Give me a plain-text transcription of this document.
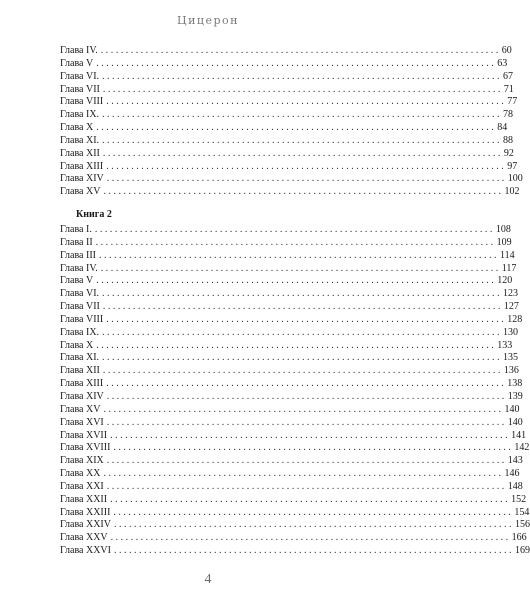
Цицерон
Глава IV. ................................................................................ 60
Глава V ................................................................................ 63
Глава VI. ................................................................................ 67
Глава VII ................................................................................ 71
Глава VIII ................................................................................ 77
Глава IX. ................................................................................ 78
Глава X ................................................................................ 84
Глава XI. ................................................................................ 88
Глава XII ................................................................................ 92
Глава XIII ................................................................................ 97
Глава XIV ................................................................................ 100
Глава XV ................................................................................ 102
Книга 2
Глава I. ................................................................................ 108
Глава II ................................................................................ 109
Глава III ................................................................................ 114
Глава IV. ................................................................................ 117
Глава V ................................................................................ 120
Глава VI. ................................................................................ 123
Глава VII ................................................................................ 127
Глава VIII ................................................................................ 128
Глава IX. ................................................................................ 130
Глава X ................................................................................ 133
Глава XI. ................................................................................ 135
Глава XII ................................................................................ 136
Глава XIII ................................................................................ 138
Глава XIV ................................................................................ 139
Глава XV ................................................................................ 140
Глава XVI ................................................................................ 140
Глава XVII ................................................................................ 141
Глава XVIII ................................................................................ 142
Глава XIX ................................................................................ 143
Глава XX ................................................................................ 146
Глава XXI ................................................................................ 148
Глава XXII ................................................................................ 152
Глава XXIII ................................................................................ 154
Глава XXIV ................................................................................ 156
Глава XXV ................................................................................ 166
Глава XXVI ................................................................................ 169
4
